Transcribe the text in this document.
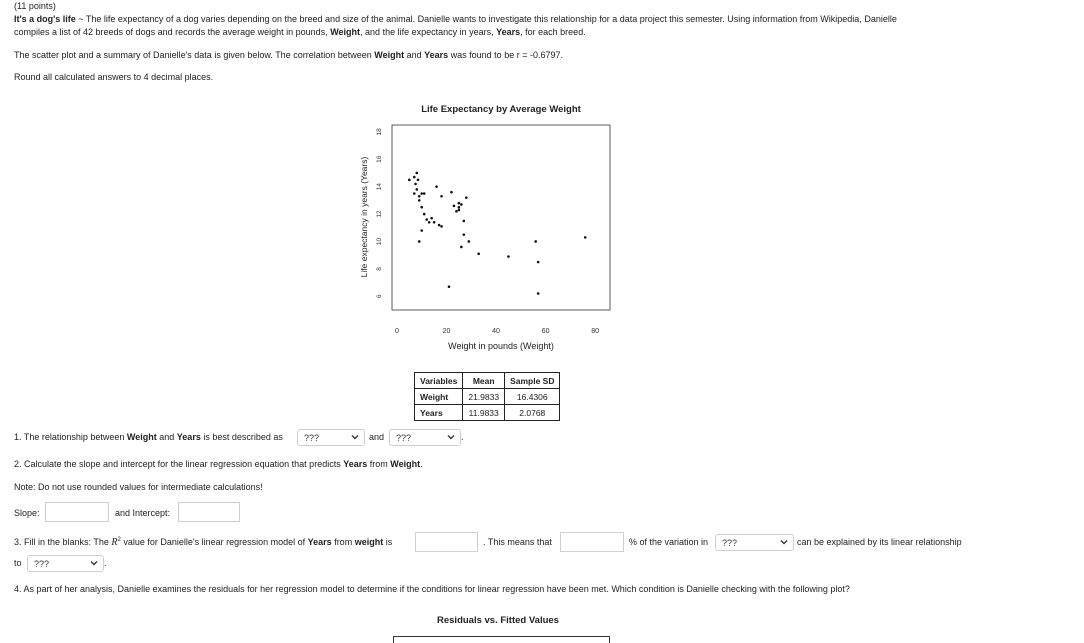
(11 points)
It's a dog's life ~ The life expectancy of a dog varies depending on the breed and size of the animal. Danielle wants to investigate this relationship for a data project this semester. Using information from Wikipedia, Danielle
compiles a list of 42 breeds of dogs and records the average weight in pounds, Weight, and the life expectancy in years, Years, for each breed.
The scatter plot and a summary of Danielle's data is given below. The correlation between Weight and Years was found to be r = -0.6797.
Round all calculated answers to 4 decimal places.
Life Expectancy by Average Weight
Weight in pounds (Weight)
Life expectancy in years (Years)
0	20	40	60	80
6
8
10
12
14
16
18
Variables	Mean	Sample SD
Weight	21.9833	16.4306
Years	11.9833	2.0768
1. The relationship between Weight and Years is best described as	???	and	???	.
2. Calculate the slope and intercept for the linear regression equation that predicts Years from Weight.
Note: Do not use rounded values for intermediate calculations!
Slope:	and Intercept:
3. Fill in the blanks: The $R^2$ value for Danielle's linear regression model of Years from weight is	. This means that	% of the variation in	???	can be explained by its linear relationship
to	???	.
4. As part of her analysis, Danielle examines the residuals for her regression model to determine if the conditions for linear regression have been met. Which condition is Danielle checking with the following plot?
Residuals vs. Fitted Values
